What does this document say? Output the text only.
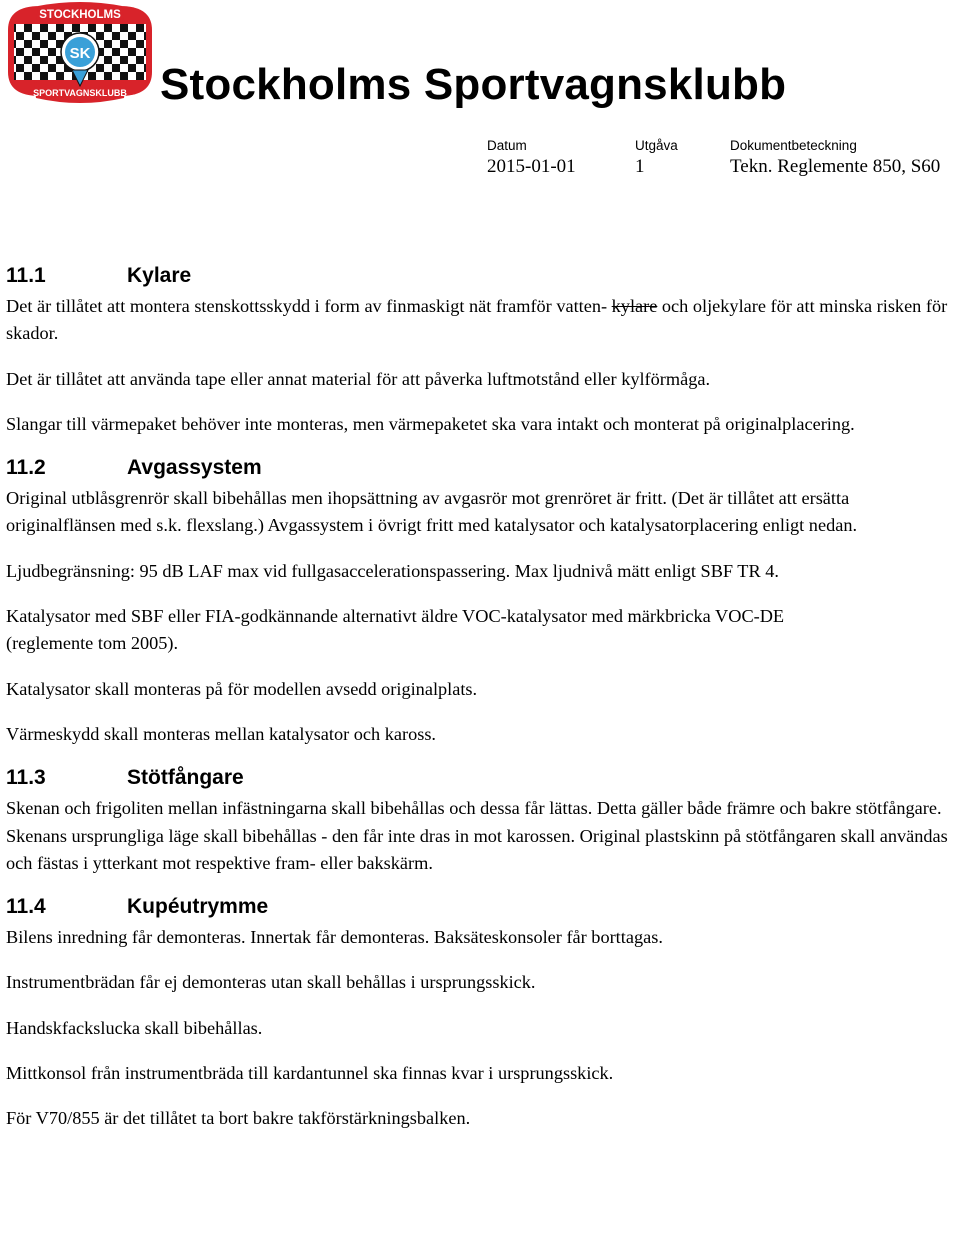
STOCKHOLMS
SPORTVAGNSKLUBB
SK
Stockholms Sportvagnsklubb
Datum
2015-01-01
Utgåva
1
Dokumentbeteckning
Tekn. Reglemente 850, S60
11.1	Kylare

Det är tillåtet att montera stenskottsskydd i form av finmaskigt nät framför vatten- kylare och oljekylare för att minska risken för skador.

Det är tillåtet att använda tape eller annat material för att påverka luftmotstånd eller kylförmåga.

Slangar till värmepaket behöver inte monteras, men värmepaketet ska vara intakt och monterat på originalplacering.

11.2	Avgassystem

Original utblåsgrenrör skall bibehållas men ihopsättning av avgasrör mot grenröret är fritt. (Det är tillåtet att ersätta originalflänsen med s.k. flexslang.) Avgassystem i övrigt fritt med katalysator och katalysatorplacering enligt nedan.

Ljudbegränsning: 95 dB LAF max vid fullgasaccelerationspassering. Max ljudnivå mätt enligt SBF TR 4.

Katalysator med SBF eller FIA-godkännande alternativt äldre VOC-katalysator med märkbricka VOC-DE (reglemente tom 2005).

Katalysator skall monteras på för modellen avsedd originalplats.

Värmeskydd skall monteras mellan katalysator och kaross.

11.3	Stötfångare

Skenan och frigoliten mellan infästningarna skall bibehållas och dessa får lättas. Detta gäller både främre och bakre stötfångare. Skenans ursprungliga läge skall bibehållas - den får inte dras in mot karossen. Original plastskinn på stötfångaren skall användas och fästas i ytterkant mot respektive fram- eller bakskärm.

11.4	Kupéutrymme

Bilens inredning får demonteras. Innertak får demonteras. Baksäteskonsoler får borttagas.

Instrumentbrädan får ej demonteras utan skall behållas i ursprungsskick.

Handskfackslucka skall bibehållas.

Mittkonsol från instrumentbräda till kardantunnel ska finnas kvar i ursprungsskick.

För V70/855 är det tillåtet ta bort bakre takförstärkningsbalken.
